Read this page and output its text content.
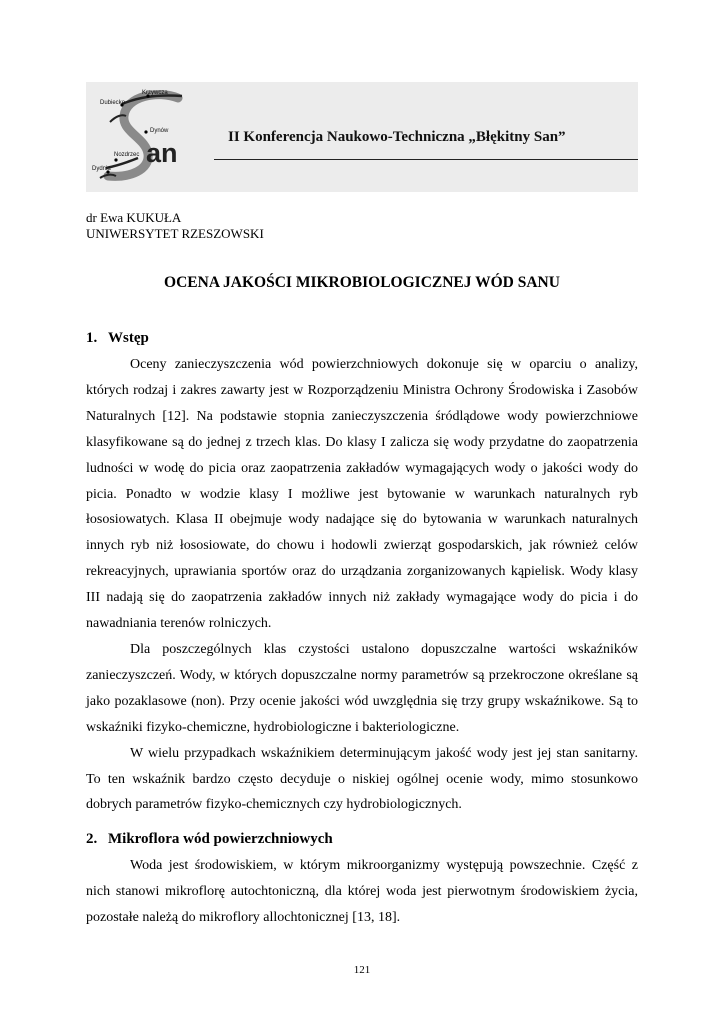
Krzywcza
Dubiecko
Dynów
Nozdrzec
Dydnia
an
II Konferencja Naukowo-Techniczna „Błękitny San”
dr Ewa KUKUŁA
UNIWERSYTET RZESZOWSKI
OCENA JAKOŚCI MIKROBIOLOGICZNEJ WÓD SANU
1. Wstęp

Oceny zanieczyszczenia wód powierzchniowych dokonuje się w oparciu o analizy, których rodzaj i zakres zawarty jest w Rozporządzeniu Ministra Ochrony Środowiska i Zasobów Naturalnych [12]. Na podstawie stopnia zanieczyszczenia śródlądowe wody powierzchniowe klasyfikowane są do jednej z trzech klas. Do klasy I zalicza się wody przydatne do zaopatrzenia ludności w wodę do picia oraz zaopatrzenia zakładów wymagających wody o jakości wody do picia. Ponadto w wodzie klasy I możliwe jest bytowanie w warunkach naturalnych ryb łososiowatych. Klasa II obejmuje wody nadające się do bytowania w warunkach naturalnych innych ryb niż łososiowate, do chowu i hodowli zwierząt gospodarskich, jak również celów rekreacyjnych, uprawiania sportów oraz do urządzania zorganizowanych kąpielisk. Wody klasy III nadają się do zaopatrzenia zakładów innych niż zakłady wymagające wody do picia i do nawadniania terenów rolniczych.

Dla poszczególnych klas czystości ustalono dopuszczalne wartości wskaźników zanieczyszczeń. Wody, w których dopuszczalne normy parametrów są przekroczone określane są jako pozaklasowe (non). Przy ocenie jakości wód uwzględnia się trzy grupy wskaźnikowe. Są to wskaźniki fizyko-chemiczne, hydrobiologiczne i bakteriologiczne.

W wielu przypadkach wskaźnikiem determinującym jakość wody jest jej stan sanitarny. To ten wskaźnik bardzo często decyduje o niskiej ogólnej ocenie wody, mimo stosunkowo dobrych parametrów fizyko-chemicznych czy hydrobiologicznych.

2. Mikroflora wód powierzchniowych

Woda jest środowiskiem, w którym mikroorganizmy występują powszechnie. Część z nich stanowi mikroflorę autochtoniczną, dla której woda jest pierwotnym środowiskiem życia, pozostałe należą do mikroflory allochtonicznej [13, 18].

121
